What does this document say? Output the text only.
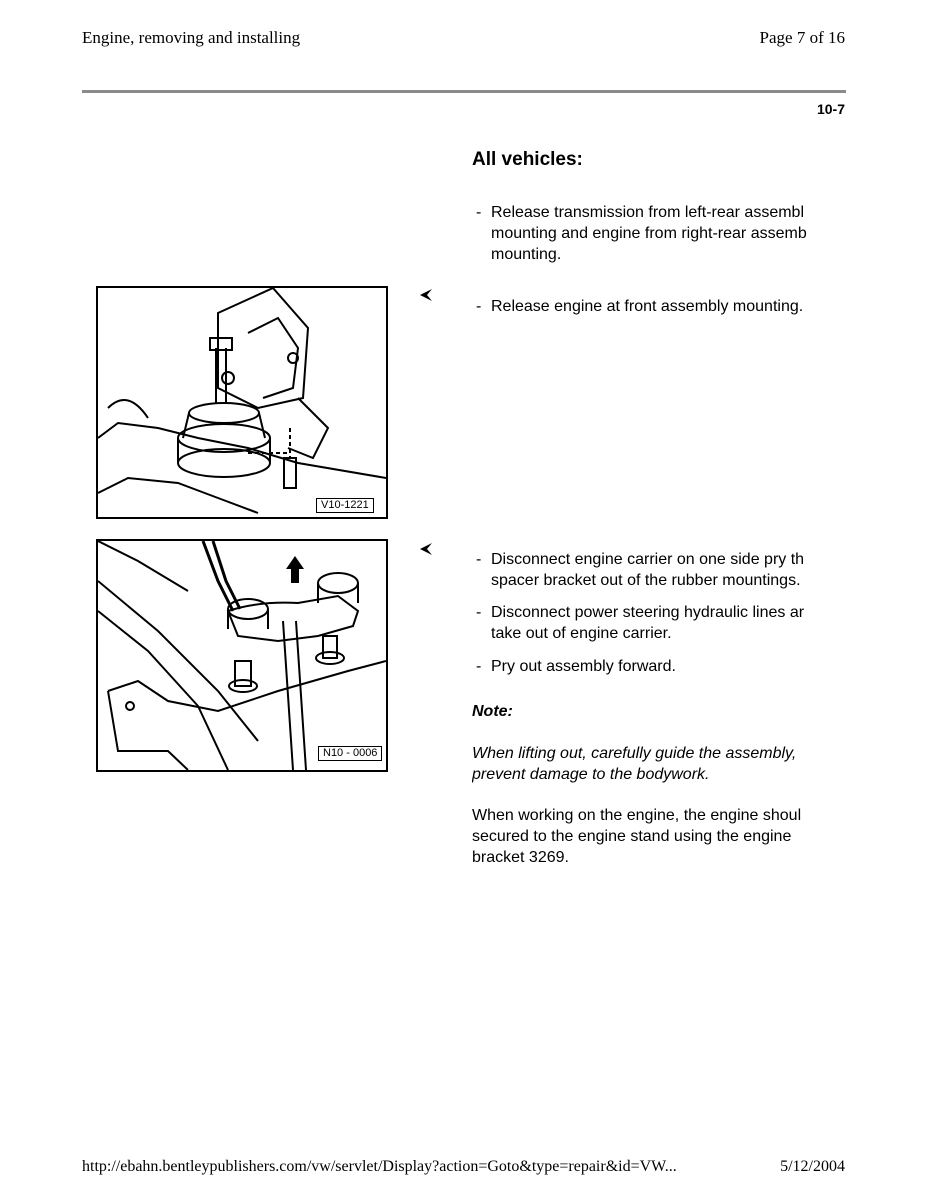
Engine, removing and installing	Page 7 of 16
10-7
All vehicles:
- Release transmission from left-rear assembl
mounting and engine from right-rear assemb
mounting.
- Release engine at front assembly mounting.
V10-1221
N10 - 0006
- Disconnect engine carrier on one side pry th
spacer bracket out of the rubber mountings.
- Disconnect power steering hydraulic lines ar
take out of engine carrier.
- Pry out assembly forward.
Note:
When lifting out, carefully guide the assembly,
prevent damage to the bodywork.
When working on the engine, the engine shoul
secured to the engine stand using the engine
bracket 3269.
http://ebahn.bentleypublishers.com/vw/servlet/Display?action=Goto&type=repair&id=VW...	5/12/2004
